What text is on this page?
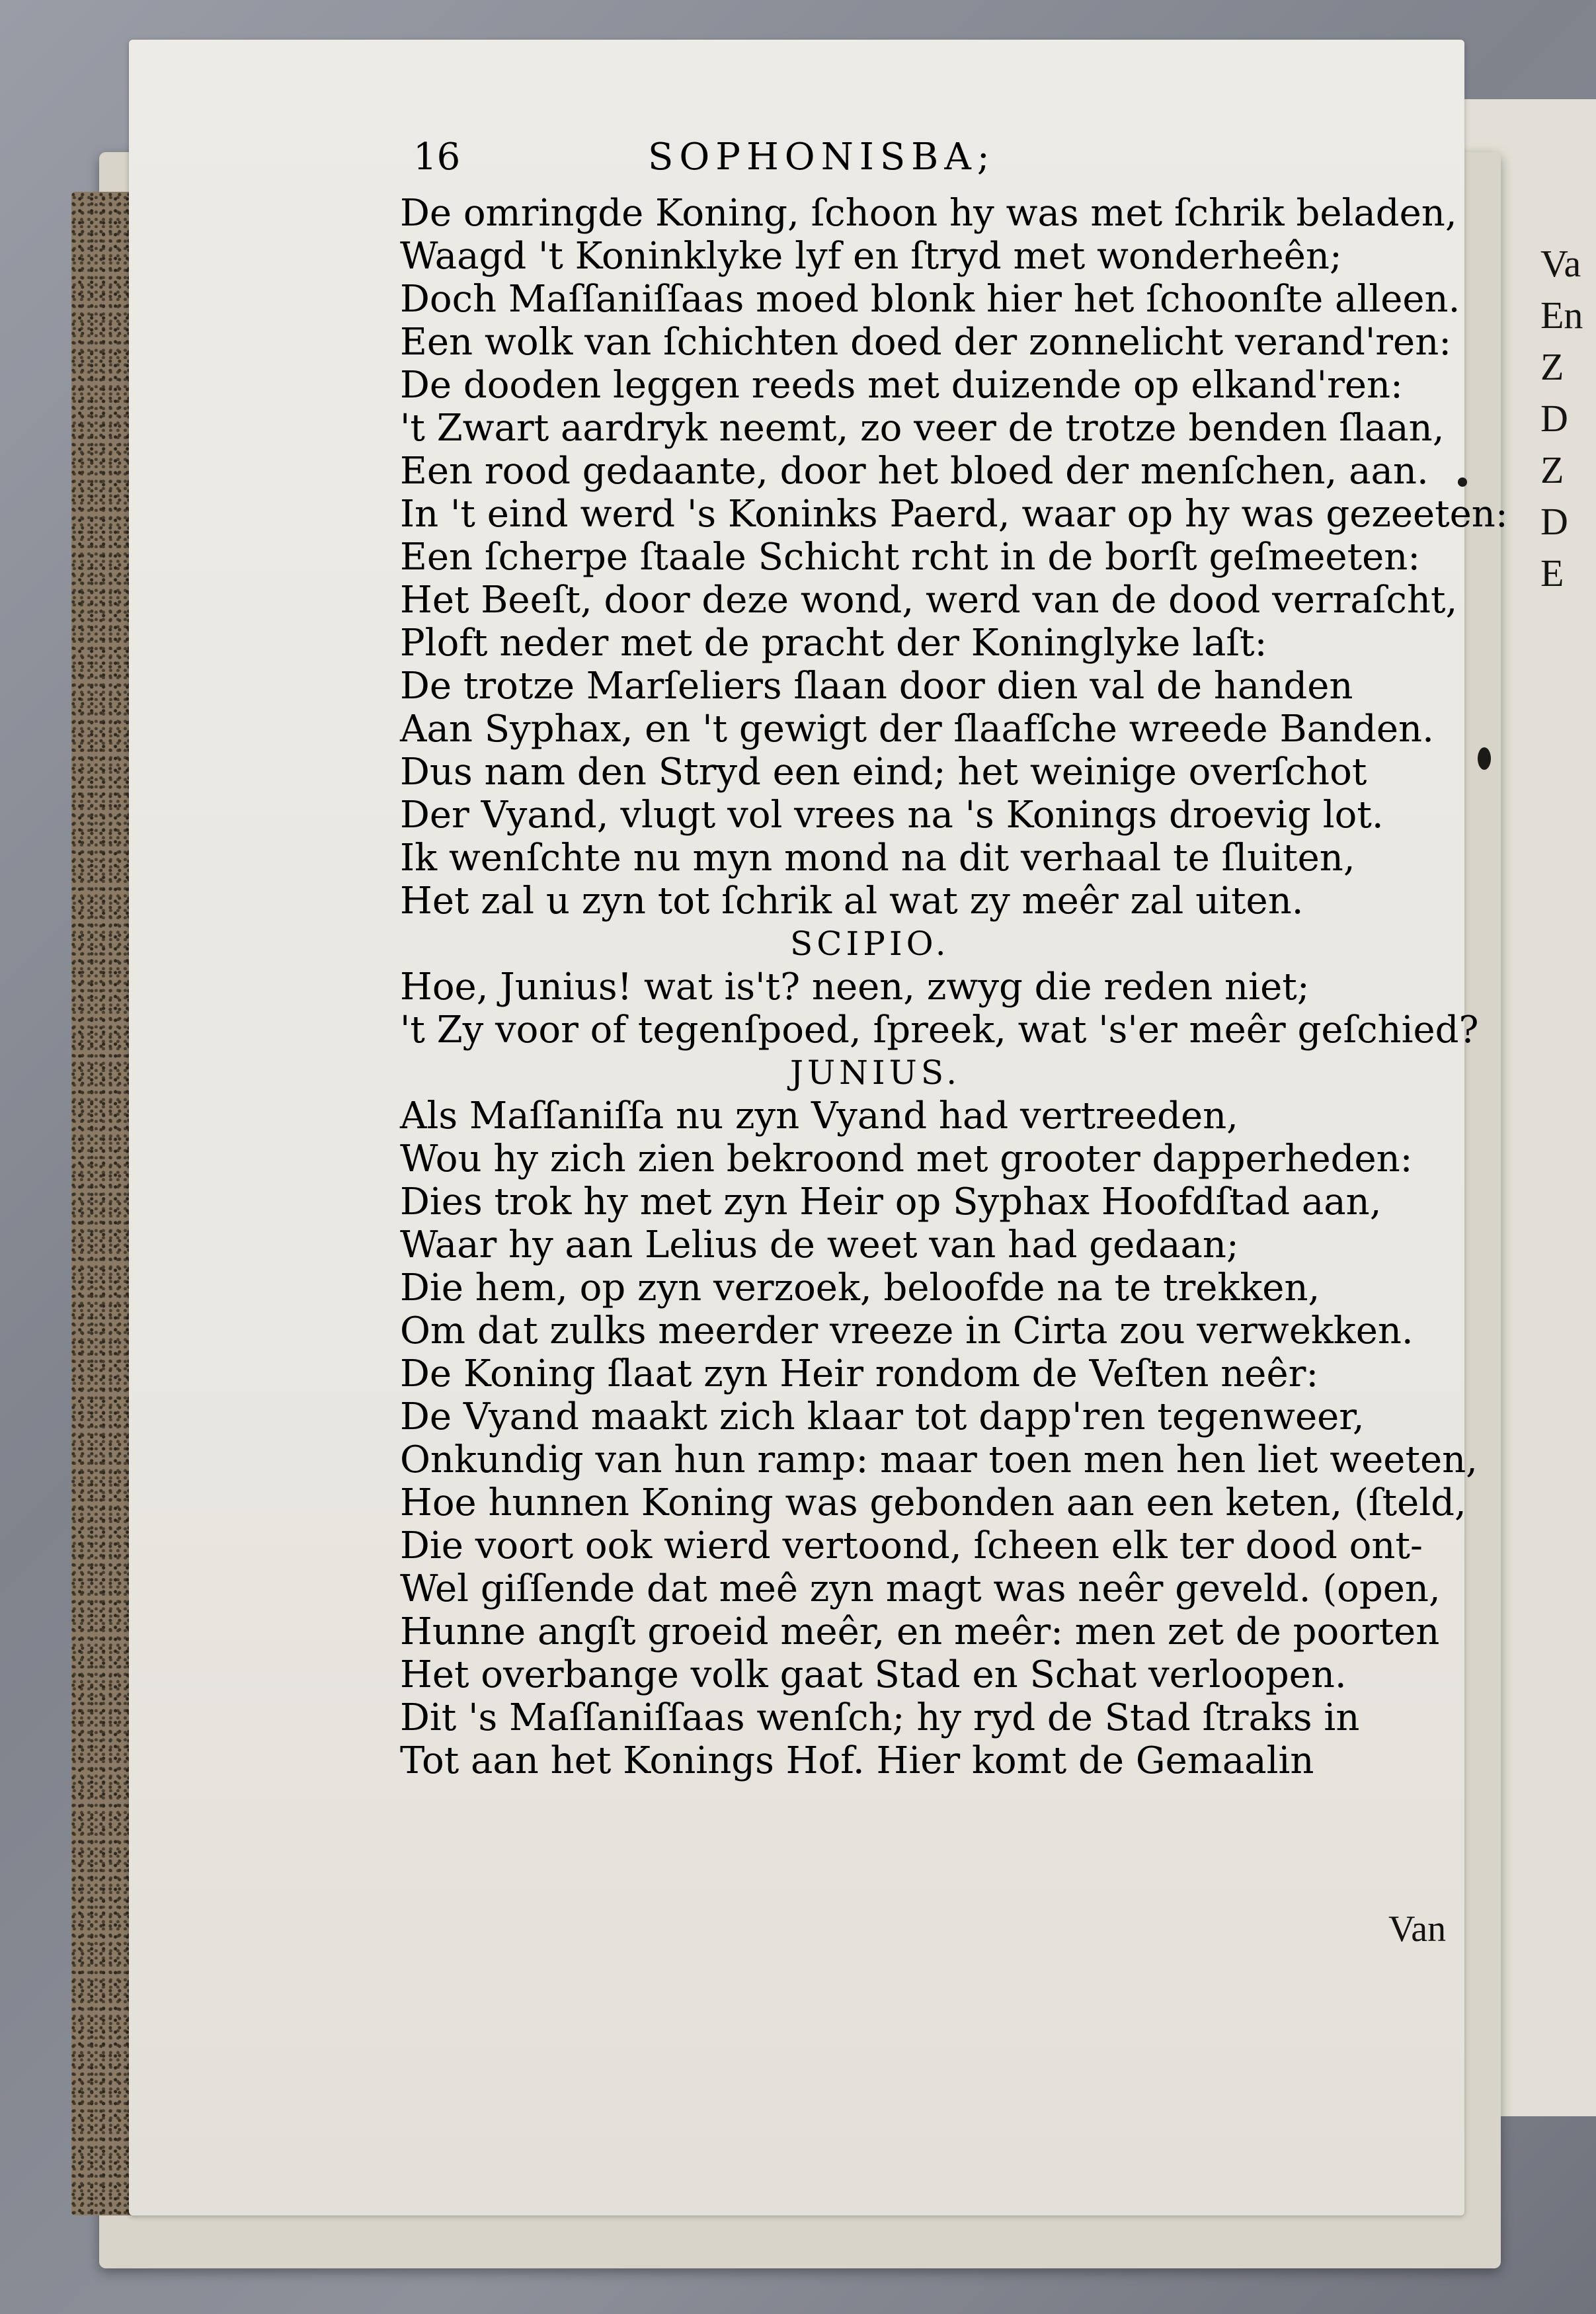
Va
En
Z
D
Z
D
E
16	SOPHONISBA;
De omringde Koning, ſchoon hy was met ſchrik beladen,
Waagd 't Koninklyke lyf en ſtryd met wonderheên;
Doch Maſſaniſſaas moed blonk hier het ſchoonſte alleen.
Een wolk van ſchichten doed der zonnelicht verand'ren:
De dooden leggen reeds met duizende op elkand'ren:
't Zwart aardryk neemt, zo veer de trotze benden ſlaan,
Een rood gedaante, door het bloed der menſchen, aan.
In 't eind werd 's Koninks Paerd, waar op hy was gezeeten:
Een ſcherpe ſtaale Schicht rcht in de borſt geſmeeten:
Het Beeſt, door deze wond, werd van de dood verraſcht,
Ploft neder met de pracht der Koninglyke laſt:
De trotze Marſeliers ſlaan door dien val de handen
Aan Syphax, en 't gewigt der ſlaafſche wreede Banden.
Dus nam den Stryd een eind; het weinige overſchot
Der Vyand, vlugt vol vrees na 's Konings droevig lot.
Ik wenſchte nu myn mond na dit verhaal te ſluiten,
Het zal u zyn tot ſchrik al wat zy meêr zal uiten.
SCIPIO.
Hoe, Junius! wat is't? neen, zwyg die reden niet;
't Zy voor of tegenſpoed, ſpreek, wat 's'er meêr geſchied?
JUNIUS.
Als Maſſaniſſa nu zyn Vyand had vertreeden,
Wou hy zich zien bekroond met grooter dapperheden:
Dies trok hy met zyn Heir op Syphax Hoofdſtad aan,
Waar hy aan Lelius de weet van had gedaan;
Die hem, op zyn verzoek, beloofde na te trekken,
Om dat zulks meerder vreeze in Cirta zou verwekken.
De Koning ſlaat zyn Heir rondom de Veſten neêr:
De Vyand maakt zich klaar tot dapp'ren tegenweer,
Onkundig van hun ramp: maar toen men hen liet weeten,
Hoe hunnen Koning was gebonden aan een keten, (ſteld,
Die voort ook wierd vertoond, ſcheen elk ter dood ont-
Wel giſſende dat meê zyn magt was neêr geveld. (open,
Hunne angſt groeid meêr, en meêr: men zet de poorten
Het overbange volk gaat Stad en Schat verloopen.
Dit 's Maſſaniſſaas wenſch; hy ryd de Stad ſtraks in
Tot aan het Konings Hof. Hier komt de Gemaalin
Van
